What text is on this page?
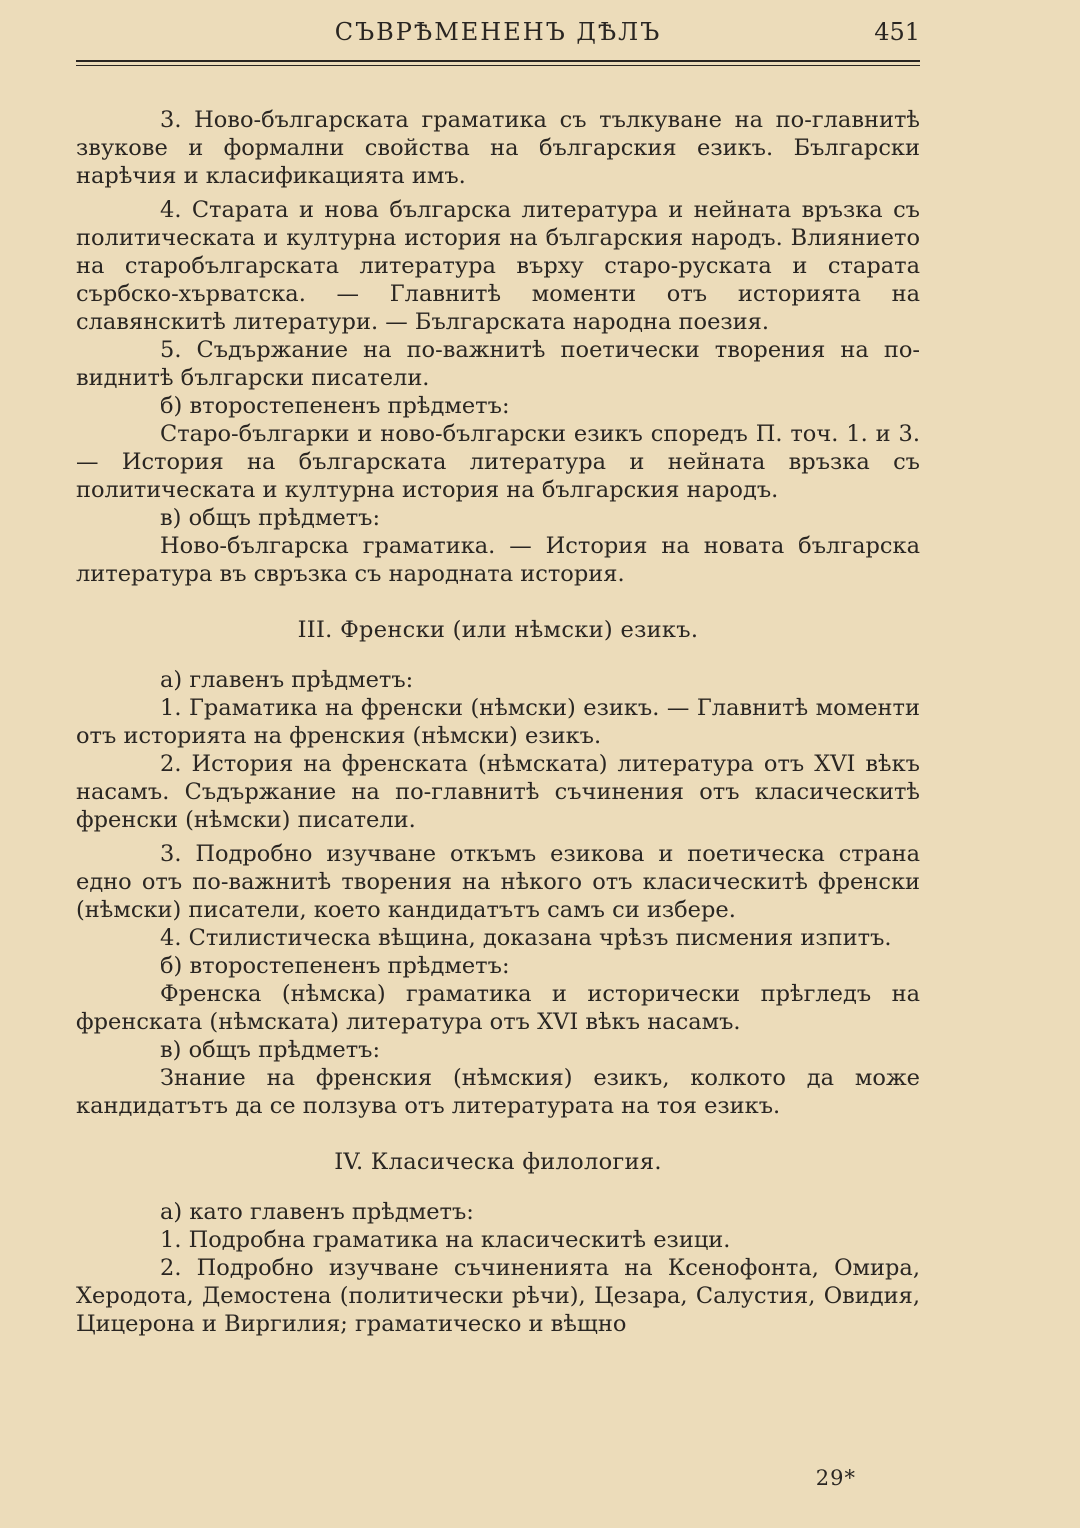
СЪВРѢМЕНЕНЪ ДѢЛЪ	451

3. Ново-българската граматика съ тълкуване на по-главнитѣ звукове и формални свойства на българския езикъ. Български нарѣчия и класификацията имъ.

4. Старата и нова българска литература и нейната връзка съ политическата и културна история на българския народъ. Влиянието на старобългарската литература върху старо-руската и старата сърбско-хърватска. — Главнитѣ моменти отъ историята на славянскитѣ литератури. — Българската народна поезия.

5. Съдържание на по-важнитѣ поетически творения на по-виднитѣ български писатели.

б) второстепененъ прѣдметъ:

Старо-българки и ново-български езикъ споредъ П. точ. 1. и 3. — История на българската литература и нейната връзка съ политическата и културна история на българския народъ.

в) общъ прѣдметъ:

Ново-българска граматика. — История на новата българска литература въ свръзка съ народната история.

III. Френски (или нѣмски) езикъ.

а) главенъ прѣдметъ:

1. Граматика на френски (нѣмски) езикъ. — Главнитѣ моменти отъ историята на френския (нѣмски) езикъ.

2. История на френската (нѣмската) литература отъ XVI вѣкъ насамъ. Съдържание на по-главнитѣ съчинения отъ класическитѣ френски (нѣмски) писатели.

3. Подробно изучване откъмъ езикова и поетическа страна едно отъ по-важнитѣ творения на нѣкого отъ класическитѣ френски (нѣмски) писатели, което кандидатътъ самъ си избере.

4. Стилистическа вѣщина, доказана чрѣзъ писмения изпитъ.

б) второстепененъ прѣдметъ:

Френска (нѣмска) граматика и исторически прѣгледъ на френската (нѣмската) литература отъ XVI вѣкъ насамъ.

в) общъ прѣдметъ:

Знание на френския (нѣмския) езикъ, колкото да може кандидатътъ да се ползува отъ литературата на тоя езикъ.

IV. Класическа филология.

а) като главенъ прѣдметъ:

1. Подробна граматика на класическитѣ езици.

2. Подробно изучване съчиненията на Ксенофонта, Омира, Херодота, Демостена (политически рѣчи), Цезара, Салустия, Овидия, Цицерона и Виргилия; граматическо и вѣщно

29*
